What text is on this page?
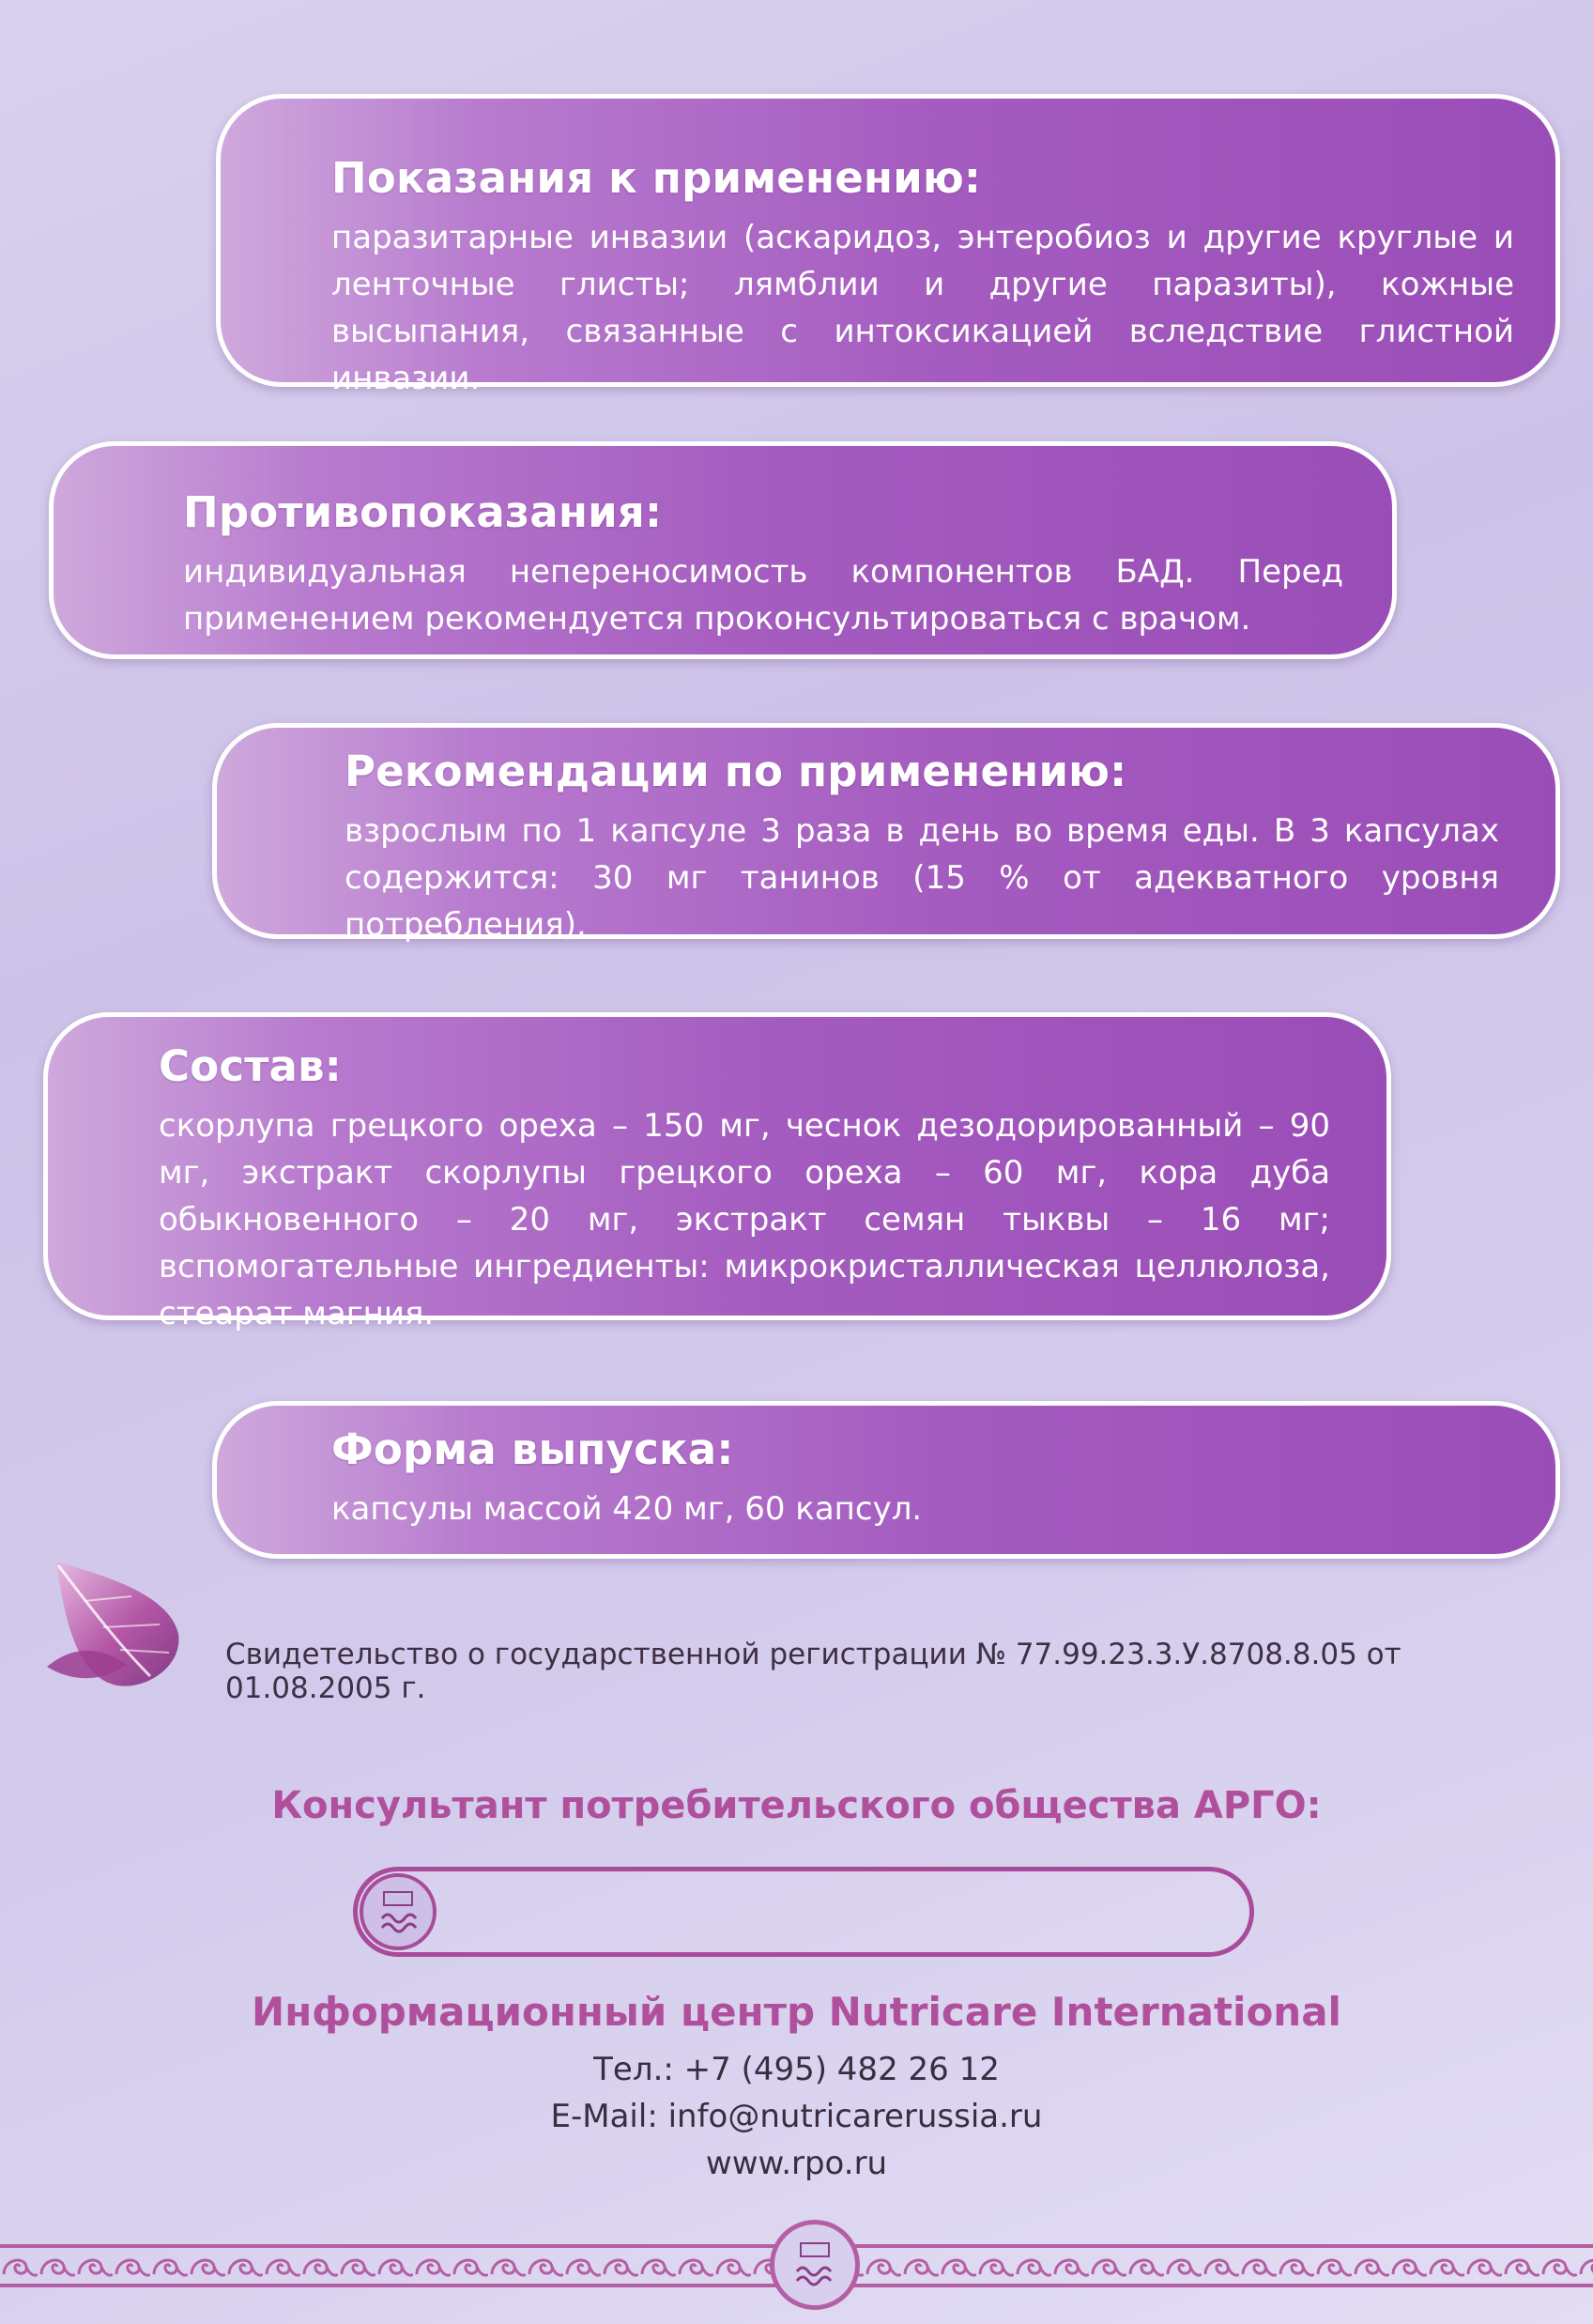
Показания к применению:

паразитарные инвазии (аскаридоз, энтеробиоз и другие круглые и ленточные глисты; лямблии и другие паразиты), кожные высыпания, связанные с интоксикацией вследствие глистной инвазии.

Противопоказания:

индивидуальная непереносимость компонентов БАД. Перед применением рекомендуется проконсультироваться с врачом.

Рекомендации по применению:

взрослым по 1 капсуле 3 раза в день во время еды. В 3 капсулах содержится: 30 мг танинов (15 % от адекватного уровня потребления).

Состав:

скорлупа грецкого ореха – 150 мг, чеснок дезодорированный – 90 мг, экстракт скорлупы грецкого ореха – 60 мг, кора дуба обыкновенного – 20 мг, экстракт семян тыквы – 16 мг; вспомогательные ингредиенты: микрокристаллическая целлюлоза, стеарат магния.

Форма выпуска:

капсулы массой 420 мг, 60 капсул.

Свидетельство о государственной регистрации № 77.99.23.3.У.8708.8.05 от 01.08.2005 г.
Консультант потребительского общества АРГО:
Информационный центр Nutricare International
Тел.: +7 (495) 482 26 12
E-Mail: info@nutricarerussia.ru
www.rpo.ru
